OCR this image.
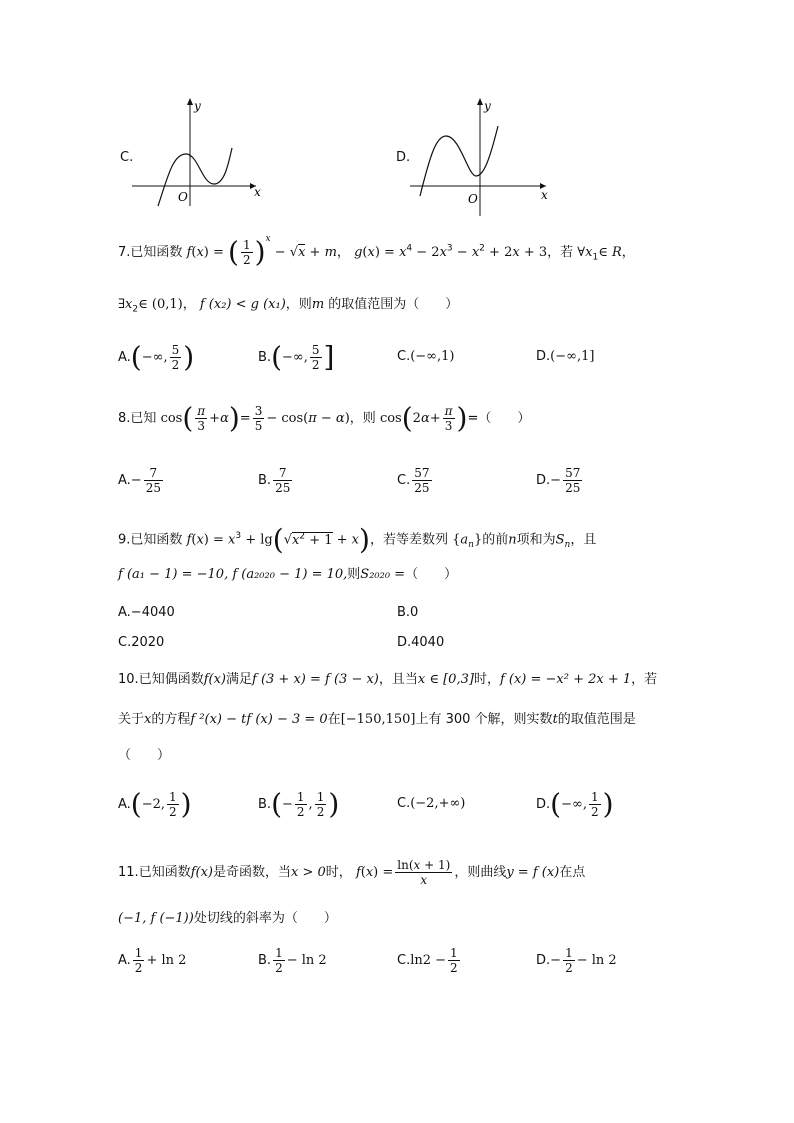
C.
x
y
O
D.
x
y
O
7.已知函数 f(x) = ( $\frac{1}{2} )^x - √x + m$， $g(x) = x^4 - 2x^3 - x^2 + 2x + 3$，若 $\forall x_1\in$ R，
$\exists x_2\in$ (0,1)， f (x₂) < g (x₁)，则m 的取值范围为（　　）
A.(−∞, $\frac{5}{2}$ )	B.(−∞, $\frac{5}{2}$ ]	C.(−∞,1)	D.(−∞,1]
8.已知 $\cos( \frac{\pi}{3} +\alpha)= \frac{3}{5} - \cos(\pi - \alpha)$，则 $\cos(2\alpha+ \frac{\pi}{3}$ )=（　　）
$A.- \frac{7}{25}$	B. $\frac{7}{25}$	C. $\frac{57}{25}$	$D.- \frac{57}{25}$
9.已知函数 $f(x) = x^3 + \lg(√x^2 + 1 + x)$，若等差数列 $\{a_n\}$的前n项和为$S_n$，且
f (a₁ − 1) = −10, f (a₂₀₂₀ − 1) = 10,则S₂₀₂₀ =（　　）
A.−4040	B.0
C.2020	D.4040
10.已知偶函数f(x)满足f (3 + x) = f (3 − x)，且当x ∈ [0,3]时，f (x) = −x² + 2x + 1，若
关于x的方程f ²(x) − tf (x) − 3 = 0在[−150,150]上有 300 个解，则实数t的取值范围是
（　　）
A.(−2, $\frac{1}{2}$ )	$B.(- \frac{1}{2}$ , $\frac{1}{2}$ )	C.(−2,+∞)	D.(−∞, $\frac{1}{2}$ )
11.已知函数f(x)是奇函数，当x > 0时， $f(x) = \frac{\ln(x + 1)}{x}$ ，则曲线y = f (x)在点
(−1, f (−1))处切线的斜率为（　　）
A. $\frac{1}{2} + \ln 2$	B. $\frac{1}{2} - \ln 2$	$C.\ln 2 - \frac{1}{2}$	$D.- \frac{1}{2} - \ln 2$
